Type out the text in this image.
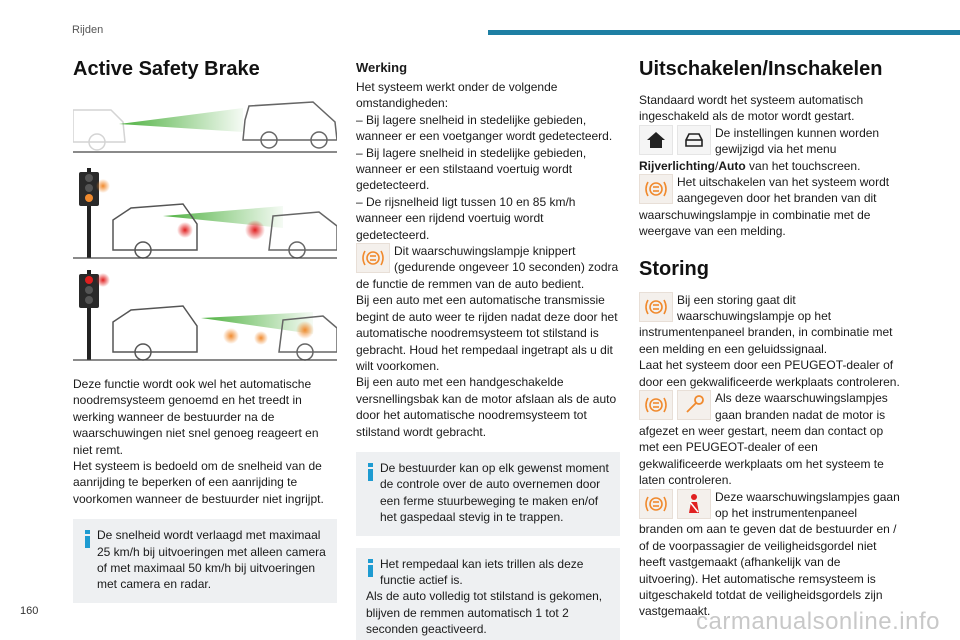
Rijden
Active Safety Brake

Deze functie wordt ook wel het automatische noodremsysteem genoemd en het treedt in werking wanneer de bestuurder na de waarschuwingen niet snel genoeg reageert en niet remt.

Het systeem is bedoeld om de snelheid van de aanrijding te beperken of een aanrijding te voorkomen wanneer de bestuurder niet ingrijpt.

De snelheid wordt verlaagd met maximaal 25 km/h bij uitvoeringen met alleen camera of met maximaal 50 km/h bij uitvoeringen met camera en radar.

Werking

Het systeem werkt onder de volgende omstandigheden:

– Bij lagere snelheid in stedelijke gebieden, wanneer er een voetganger wordt gedetecteerd.

– Bij lagere snelheid in stedelijke gebieden, wanneer er een stilstaand voertuig wordt gedetecteerd.

– De rijsnelheid ligt tussen 10 en 85 km/h wanneer een rijdend voertuig wordt gedetecteerd.

Dit waarschuwingslampje knippert (gedurende ongeveer 10 seconden) zodra de functie de remmen van de auto bedient.

Bij een auto met een automatische transmissie begint de auto weer te rijden nadat deze door het automatische noodremsysteem tot stilstand is gebracht. Houd het rempedaal ingetrapt als u dit wilt voorkomen.

Bij een auto met een handgeschakelde versnellingsbak kan de motor afslaan als de auto door het automatische noodremsysteem tot stilstand wordt gebracht.

De bestuurder kan op elk gewenst moment de controle over de auto overnemen door een ferme stuurbeweging te maken en/of het gaspedaal stevig in te trappen.

Het rempedaal kan iets trillen als deze functie actief is.

Als de auto volledig tot stilstand is gekomen, blijven de remmen automatisch 1 tot 2 seconden geactiveerd.

Uitschakelen/Inschakelen

Standaard wordt het systeem automatisch ingeschakeld als de motor wordt gestart.

De instellingen kunnen worden gewijzigd via het menu Rijverlichting/Auto van het touchscreen.

Het uitschakelen van het systeem wordt aangegeven door het branden van dit waarschuwingslampje in combinatie met de weergave van een melding.

Storing

Bij een storing gaat dit waarschuwingslampje op het instrumentenpaneel branden, in combinatie met een melding en een geluidssignaal.

Laat het systeem door een PEUGEOT-dealer of door een gekwalificeerde werkplaats controleren.

Als deze waarschuwingslampjes gaan branden nadat de motor is afgezet en weer gestart, neem dan contact op met een PEUGEOT-dealer of een gekwalificeerde werkplaats om het systeem te laten controleren.

Deze waarschuwingslampjes gaan op het instrumentenpaneel branden om aan te geven dat de bestuurder en / of de voorpassagier de veiligheidsgordel niet heeft vastgemaakt (afhankelijk van de uitvoering). Het automatische remsysteem is uitgeschakeld totdat de veiligheidsgordels zijn vastgemaakt.

160	carmanualsonline.info
